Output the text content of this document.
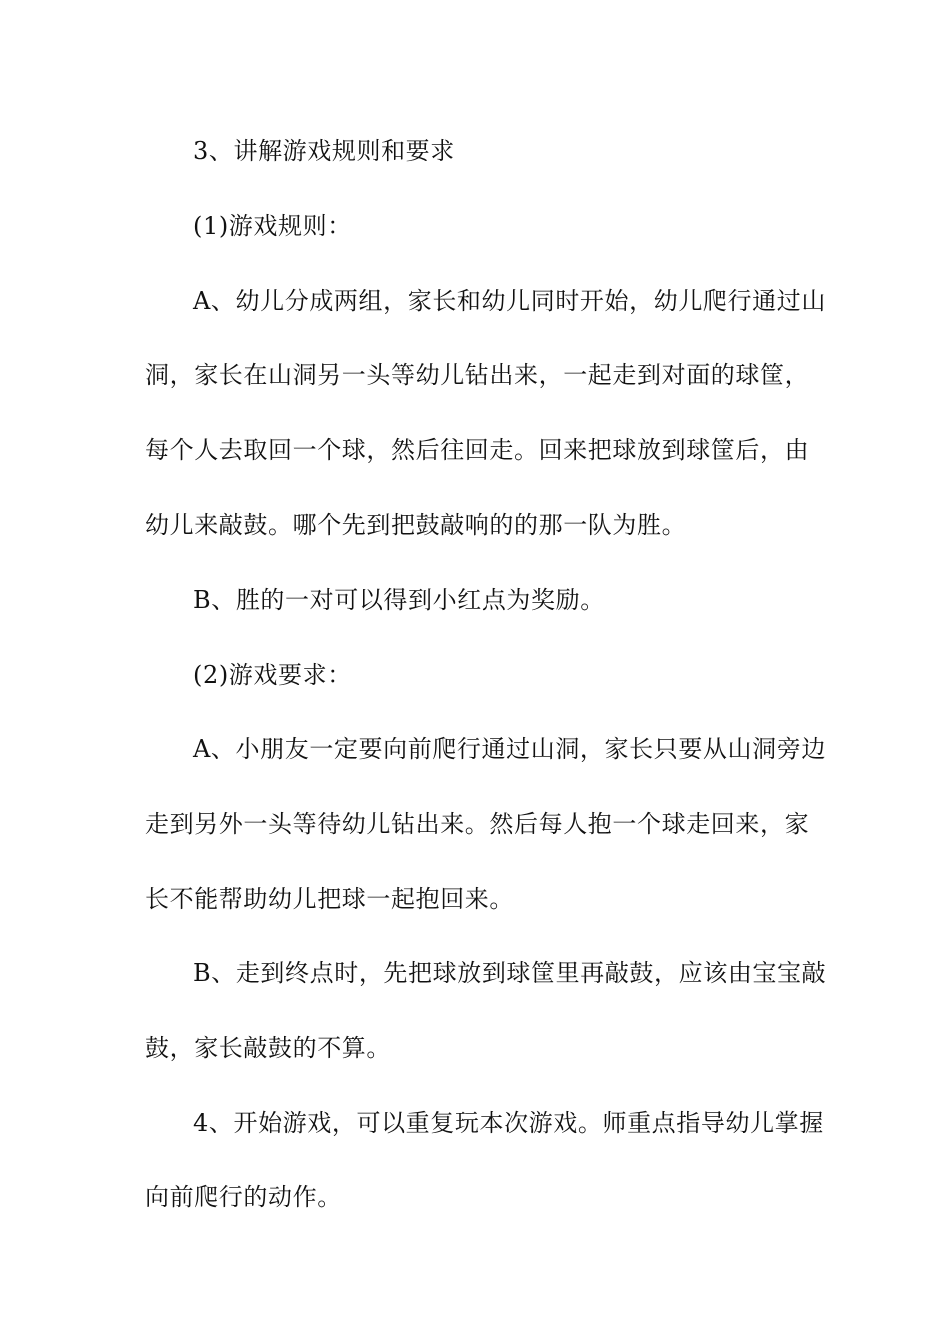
3、讲解游戏规则和要求
(1)游戏规则：
A、幼儿分成两组，家长和幼儿同时开始，幼儿爬行通过山
洞，家长在山洞另一头等幼儿钻出来，一起走到对面的球筐，
每个人去取回一个球，然后往回走。回来把球放到球筐后，由
幼儿来敲鼓。哪个先到把鼓敲响的的那一队为胜。
B、胜的一对可以得到小红点为奖励。
(2)游戏要求：
A、小朋友一定要向前爬行通过山洞，家长只要从山洞旁边
走到另外一头等待幼儿钻出来。然后每人抱一个球走回来，家
长不能帮助幼儿把球一起抱回来。
B、走到终点时，先把球放到球筐里再敲鼓，应该由宝宝敲
鼓，家长敲鼓的不算。
4、开始游戏，可以重复玩本次游戏。师重点指导幼儿掌握
向前爬行的动作。
